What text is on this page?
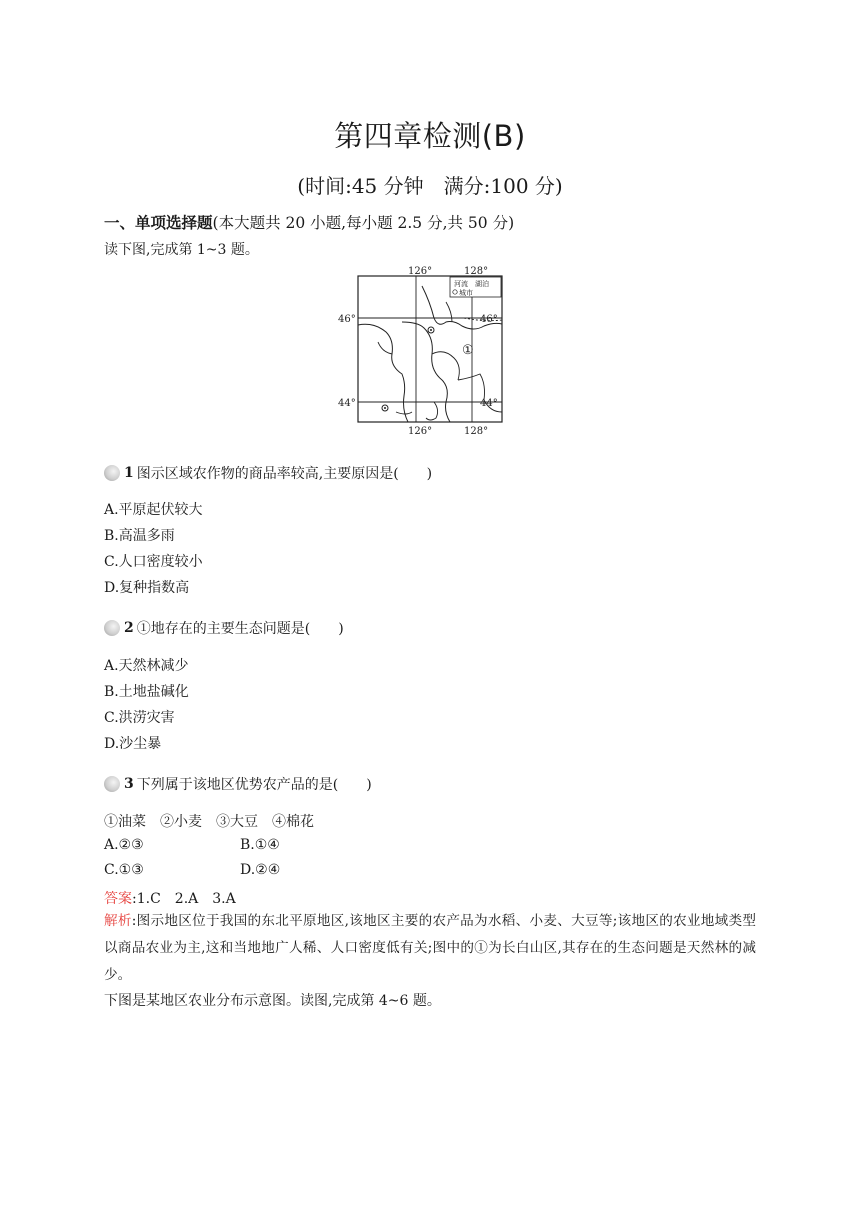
第四章检测(B)
(时间:45 分钟　满分:100 分)
一、单项选择题(本大题共 20 小题,每小题 2.5 分,共 50 分)
读下图,完成第 1~3 题。
河流 湖泊
城市
①
126°	128°
126°	128°
46°
44°
46°
44°
1 图示区域农作物的商品率较高,主要原因是(　　)
A.平原起伏较大
B.高温多雨
C.人口密度较小
D.复种指数高
2 ①地存在的主要生态问题是(　　)
A.天然林减少
B.土地盐碱化
C.洪涝灾害
D.沙尘暴
3 下列属于该地区优势农产品的是(　　)
①油菜　②小麦　③大豆　④棉花
A.②③	B.①④
C.①③	D.②④
答案:1.C　2.A　3.A
解析:图示地区位于我国的东北平原地区,该地区主要的农产品为水稻、小麦、大豆等;该地区的农业地域类型以商品农业为主,这和当地地广人稀、人口密度低有关;图中的①为长白山区,其存在的生态问题是天然林的减少。
下图是某地区农业分布示意图。读图,完成第 4~6 题。
